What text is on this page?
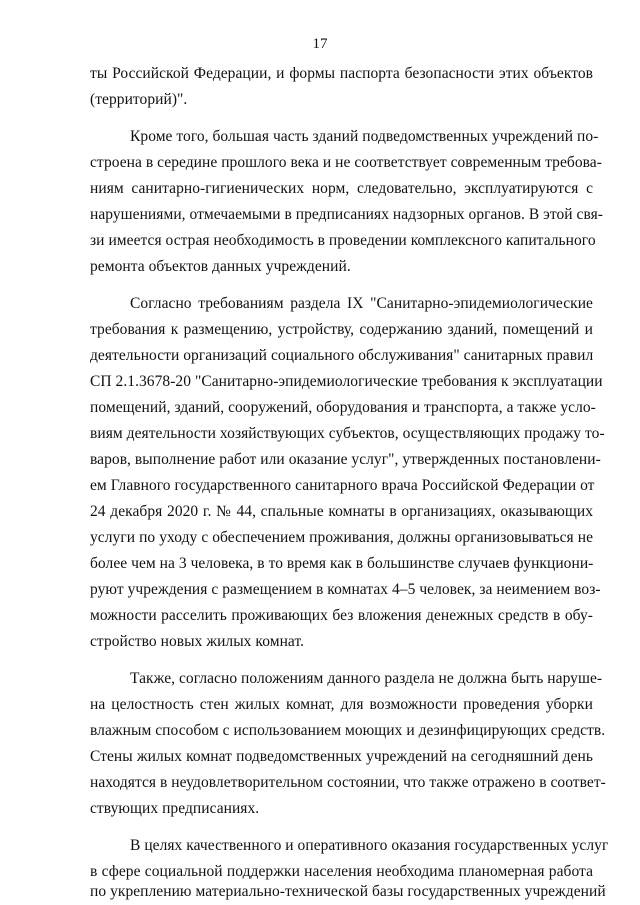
17
ты Российской Федерации, и формы паспорта безопасности этих объектов
(территорий)".
Кроме того, большая часть зданий подведомственных учреждений по-
строена в середине прошлого века и не соответствует современным требова-
ниям санитарно-гигиенических норм, следовательно, эксплуатируются с
нарушениями, отмечаемыми в предписаниях надзорных органов. В этой свя-
зи имеется острая необходимость в проведении комплексного капитального
ремонта объектов данных учреждений.
Согласно требованиям раздела IX "Санитарно-эпидемиологические
требования к размещению, устройству, содержанию зданий, помещений и
деятельности организаций социального обслуживания" санитарных правил
СП 2.1.3678-20 "Санитарно-эпидемиологические требования к эксплуатации
помещений, зданий, сооружений, оборудования и транспорта, а также усло-
виям деятельности хозяйствующих субъектов, осуществляющих продажу то-
варов, выполнение работ или оказание услуг", утвержденных постановлени-
ем Главного государственного санитарного врача Российской Федерации от
24 декабря 2020 г. № 44, спальные комнаты в организациях, оказывающих
услуги по уходу с обеспечением проживания, должны организовываться не
более чем на 3 человека, в то время как в большинстве случаев функциони-
руют учреждения с размещением в комнатах 4–5 человек, за неимением воз-
можности расселить проживающих без вложения денежных средств в обу-
стройство новых жилых комнат.
Также, согласно положениям данного раздела не должна быть наруше-
на целостность стен жилых комнат, для возможности проведения уборки
влажным способом с использованием моющих и дезинфицирующих средств.
Стены жилых комнат подведомственных учреждений на сегодняшний день
находятся в неудовлетворительном состоянии, что также отражено в соответ-
ствующих предписаниях.
В целях качественного и оперативного оказания государственных услуг
в сфере социальной поддержки населения необходима планомерная работа
по укреплению материально-технической базы государственных учреждений
